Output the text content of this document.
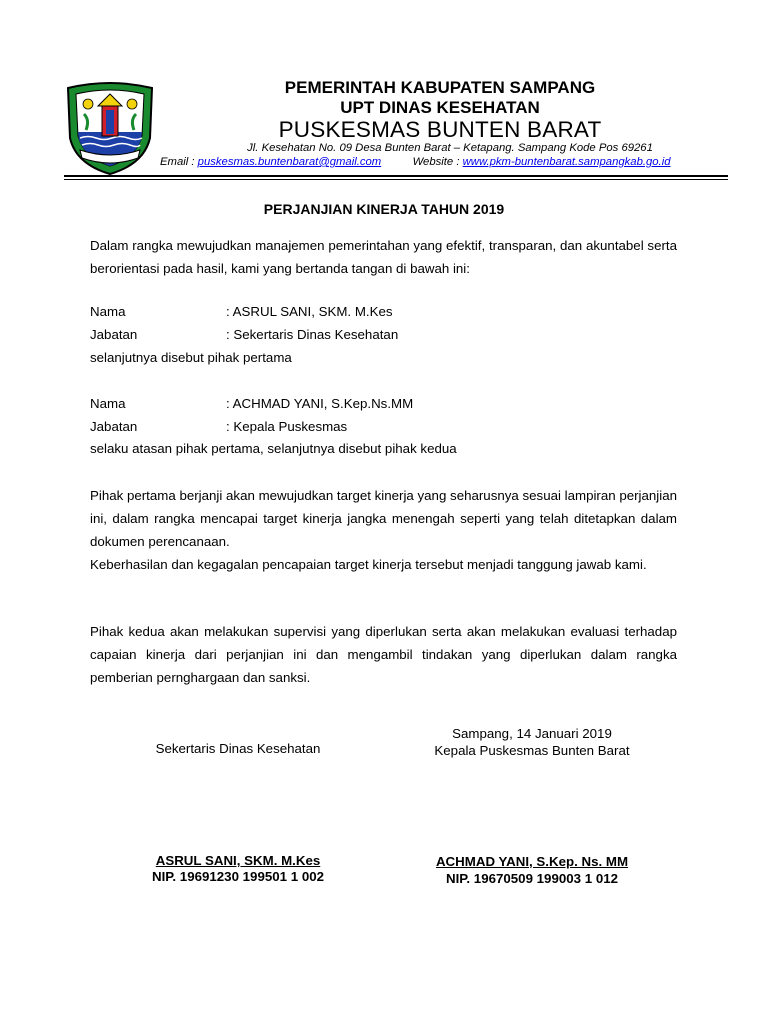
PEMERINTAH KABUPATEN SAMPANG
UPT DINAS KESEHATAN
PUSKESMAS BUNTEN BARAT
Jl. Kesehatan No. 09 Desa Bunten Barat – Ketapang. Sampang Kode Pos 69261
Email : puskesmas.buntenbarat@gmail.com	Website : www.pkm-buntenbarat.sampangkab.go.id
PERJANJIAN KINERJA TAHUN 2019
Dalam rangka mewujudkan manajemen pemerintahan yang efektif, transparan, dan akuntabel serta berorientasi pada hasil, kami yang bertanda tangan di bawah ini:
Nama	: ASRUL SANI, SKM. M.Kes
Jabatan	: Sekertaris Dinas Kesehatan
selanjutnya disebut pihak pertama
Nama	: ACHMAD YANI, S.Kep.Ns.MM
Jabatan	: Kepala Puskesmas
selaku atasan pihak pertama, selanjutnya disebut pihak kedua
Pihak pertama berjanji akan mewujudkan target kinerja yang seharusnya sesuai lampiran perjanjian ini, dalam rangka mencapai target kinerja jangka menengah seperti yang telah ditetapkan dalam dokumen perencanaan.
Keberhasilan dan kegagalan pencapaian target kinerja tersebut menjadi tanggung jawab kami.
Pihak kedua akan melakukan supervisi yang diperlukan serta akan melakukan evaluasi terhadap capaian kinerja dari perjanjian ini dan mengambil tindakan yang diperlukan dalam rangka pemberian pernghargaan dan sanksi.
Sekertaris Dinas Kesehatan
Sampang, 14 Januari 2019
Kepala Puskesmas Bunten Barat
ASRUL SANI, SKM. M.Kes
NIP. 19691230 199501 1 002
ACHMAD YANI, S.Kep. Ns. MM
NIP. 19670509 199003 1 012
